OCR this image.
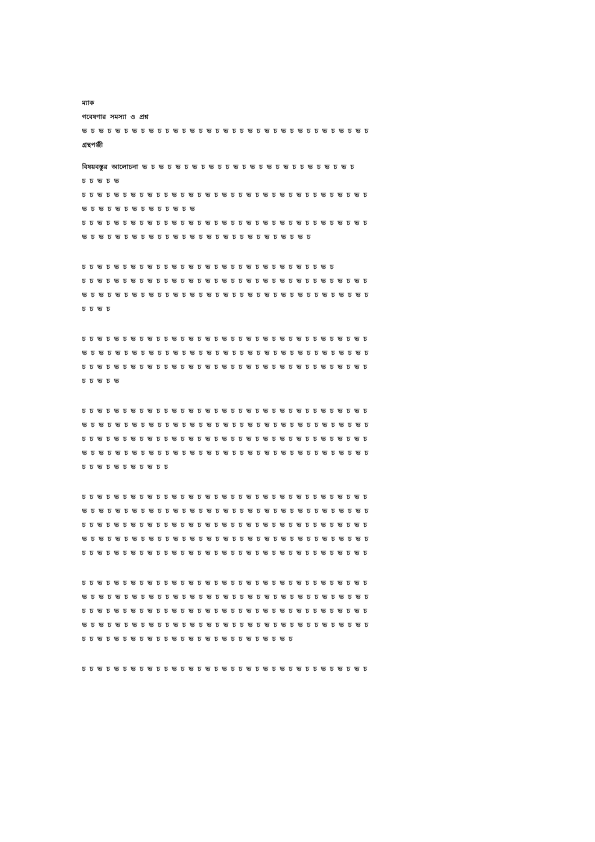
ম্যাক
গবেষণার সমস্যা ও প্রশ্ন
ভ চ ভ চ ভ চ ভ চ ভ চ চ ভ চ ভ চ ভ চ ভ চ চ ভ চ ভ চ ভ চ ভ চ চ ভ চ ভ চ ভ চ
গ্রন্থপঞ্জী
বিষয়বস্তুর আলোচনা ভ চ ভ চ ভ চ ভ চ ভ চ চ ভ চ ভ চ ভ চ ভ চ চ ভ চ ভ চ ভ চ
চ চ ভ চ ভ
চ চ ভ চ ভ চ ভ চ ভ চ চ ভ চ ভ চ ভ চ ভ চ চ ভ চ ভ চ ভ চ ভ চ চ ভ চ ভ চ ভ চ
ভ চ ভ চ ভ চ ভ চ ভ চ চ ভ চ ভ
চ চ ভ চ ভ চ ভ চ ভ চ চ ভ চ ভ চ ভ চ ভ চ চ ভ চ ভ চ ভ চ ভ চ চ ভ চ ভ চ ভ চ
ভ চ ভ চ ভ চ ভ চ ভ চ চ ভ চ ভ চ ভ চ ভ চ চ ভ চ ভ চ ভ চ ভ চ
চ চ ভ চ ভ চ ভ চ ভ চ চ ভ চ ভ চ ভ চ ভ চ চ ভ চ ভ চ ভ চ ভ চ চ ভ চ
চ চ ভ চ ভ চ ভ চ ভ চ চ ভ চ ভ চ ভ চ ভ চ চ ভ চ ভ চ ভ চ ভ চ চ ভ চ ভ চ ভ চ
ভ চ ভ চ ভ চ ভ চ ভ চ চ ভ চ ভ চ ভ চ ভ চ চ ভ চ ভ চ ভ চ ভ চ চ ভ চ ভ চ ভ চ
চ চ ভ চ
চ চ ভ চ ভ চ ভ চ ভ চ চ ভ চ ভ চ ভ চ ভ চ চ ভ চ ভ চ ভ চ ভ চ চ ভ চ ভ চ ভ চ
ভ চ ভ চ ভ চ ভ চ ভ চ চ ভ চ ভ চ ভ চ ভ চ চ ভ চ ভ চ ভ চ ভ চ চ ভ চ ভ চ ভ চ
চ চ ভ চ ভ চ ভ চ ভ চ চ ভ চ ভ চ ভ চ ভ চ চ ভ চ ভ চ ভ চ ভ চ চ ভ চ ভ চ ভ চ
চ চ ভ চ ভ
চ চ ভ চ ভ চ ভ চ ভ চ চ ভ চ ভ চ ভ চ ভ চ চ ভ চ ভ চ ভ চ ভ চ চ ভ চ ভ চ ভ চ
ভ চ ভ চ ভ চ ভ চ ভ চ চ ভ চ ভ চ ভ চ ভ চ চ ভ চ ভ চ ভ চ ভ চ চ ভ চ ভ চ ভ চ
চ চ ভ চ ভ চ ভ চ ভ চ চ ভ চ ভ চ ভ চ ভ চ চ ভ চ ভ চ ভ চ ভ চ চ ভ চ ভ চ ভ চ
ভ চ ভ চ ভ চ ভ চ ভ চ চ ভ চ ভ চ ভ চ ভ চ চ ভ চ ভ চ ভ চ ভ চ চ ভ চ ভ চ ভ চ
চ চ ভ চ ভ চ ভ চ ভ চ চ
চ চ ভ চ ভ চ ভ চ ভ চ চ ভ চ ভ চ ভ চ ভ চ চ ভ চ ভ চ ভ চ ভ চ চ ভ চ ভ চ ভ চ
ভ চ ভ চ ভ চ ভ চ ভ চ চ ভ চ ভ চ ভ চ ভ চ চ ভ চ ভ চ ভ চ ভ চ চ ভ চ ভ চ ভ চ
চ চ ভ চ ভ চ ভ চ ভ চ চ ভ চ ভ চ ভ চ ভ চ চ ভ চ ভ চ ভ চ ভ চ চ ভ চ ভ চ ভ চ
ভ চ ভ চ ভ চ ভ চ ভ চ চ ভ চ ভ চ ভ চ ভ চ চ ভ চ ভ চ ভ চ ভ চ চ ভ চ ভ চ ভ চ
চ চ ভ চ ভ চ ভ চ ভ চ চ ভ চ ভ চ ভ চ ভ চ চ ভ চ ভ চ ভ চ ভ চ চ ভ চ ভ চ ভ চ
চ চ ভ চ ভ চ ভ চ ভ চ চ ভ চ ভ চ ভ চ ভ চ চ ভ চ ভ চ ভ চ ভ চ চ ভ চ ভ চ ভ চ
ভ চ ভ চ ভ চ ভ চ ভ চ চ ভ চ ভ চ ভ চ ভ চ চ ভ চ ভ চ ভ চ ভ চ চ ভ চ ভ চ ভ চ
চ চ ভ চ ভ চ ভ চ ভ চ চ ভ চ ভ চ ভ চ ভ চ চ ভ চ ভ চ ভ চ ভ চ চ ভ চ ভ চ ভ চ
ভ চ ভ চ ভ চ ভ চ ভ চ চ ভ চ ভ চ ভ চ ভ চ চ ভ চ ভ চ ভ চ ভ চ চ ভ চ ভ চ ভ চ
চ চ ভ চ ভ চ ভ চ ভ চ চ ভ চ ভ চ ভ চ ভ চ চ ভ চ ভ চ ভ চ
চ চ ভ চ ভ চ ভ চ ভ চ চ ভ চ ভ চ ভ চ ভ চ চ ভ চ ভ চ ভ চ ভ চ চ ভ চ ভ চ ভ চ
